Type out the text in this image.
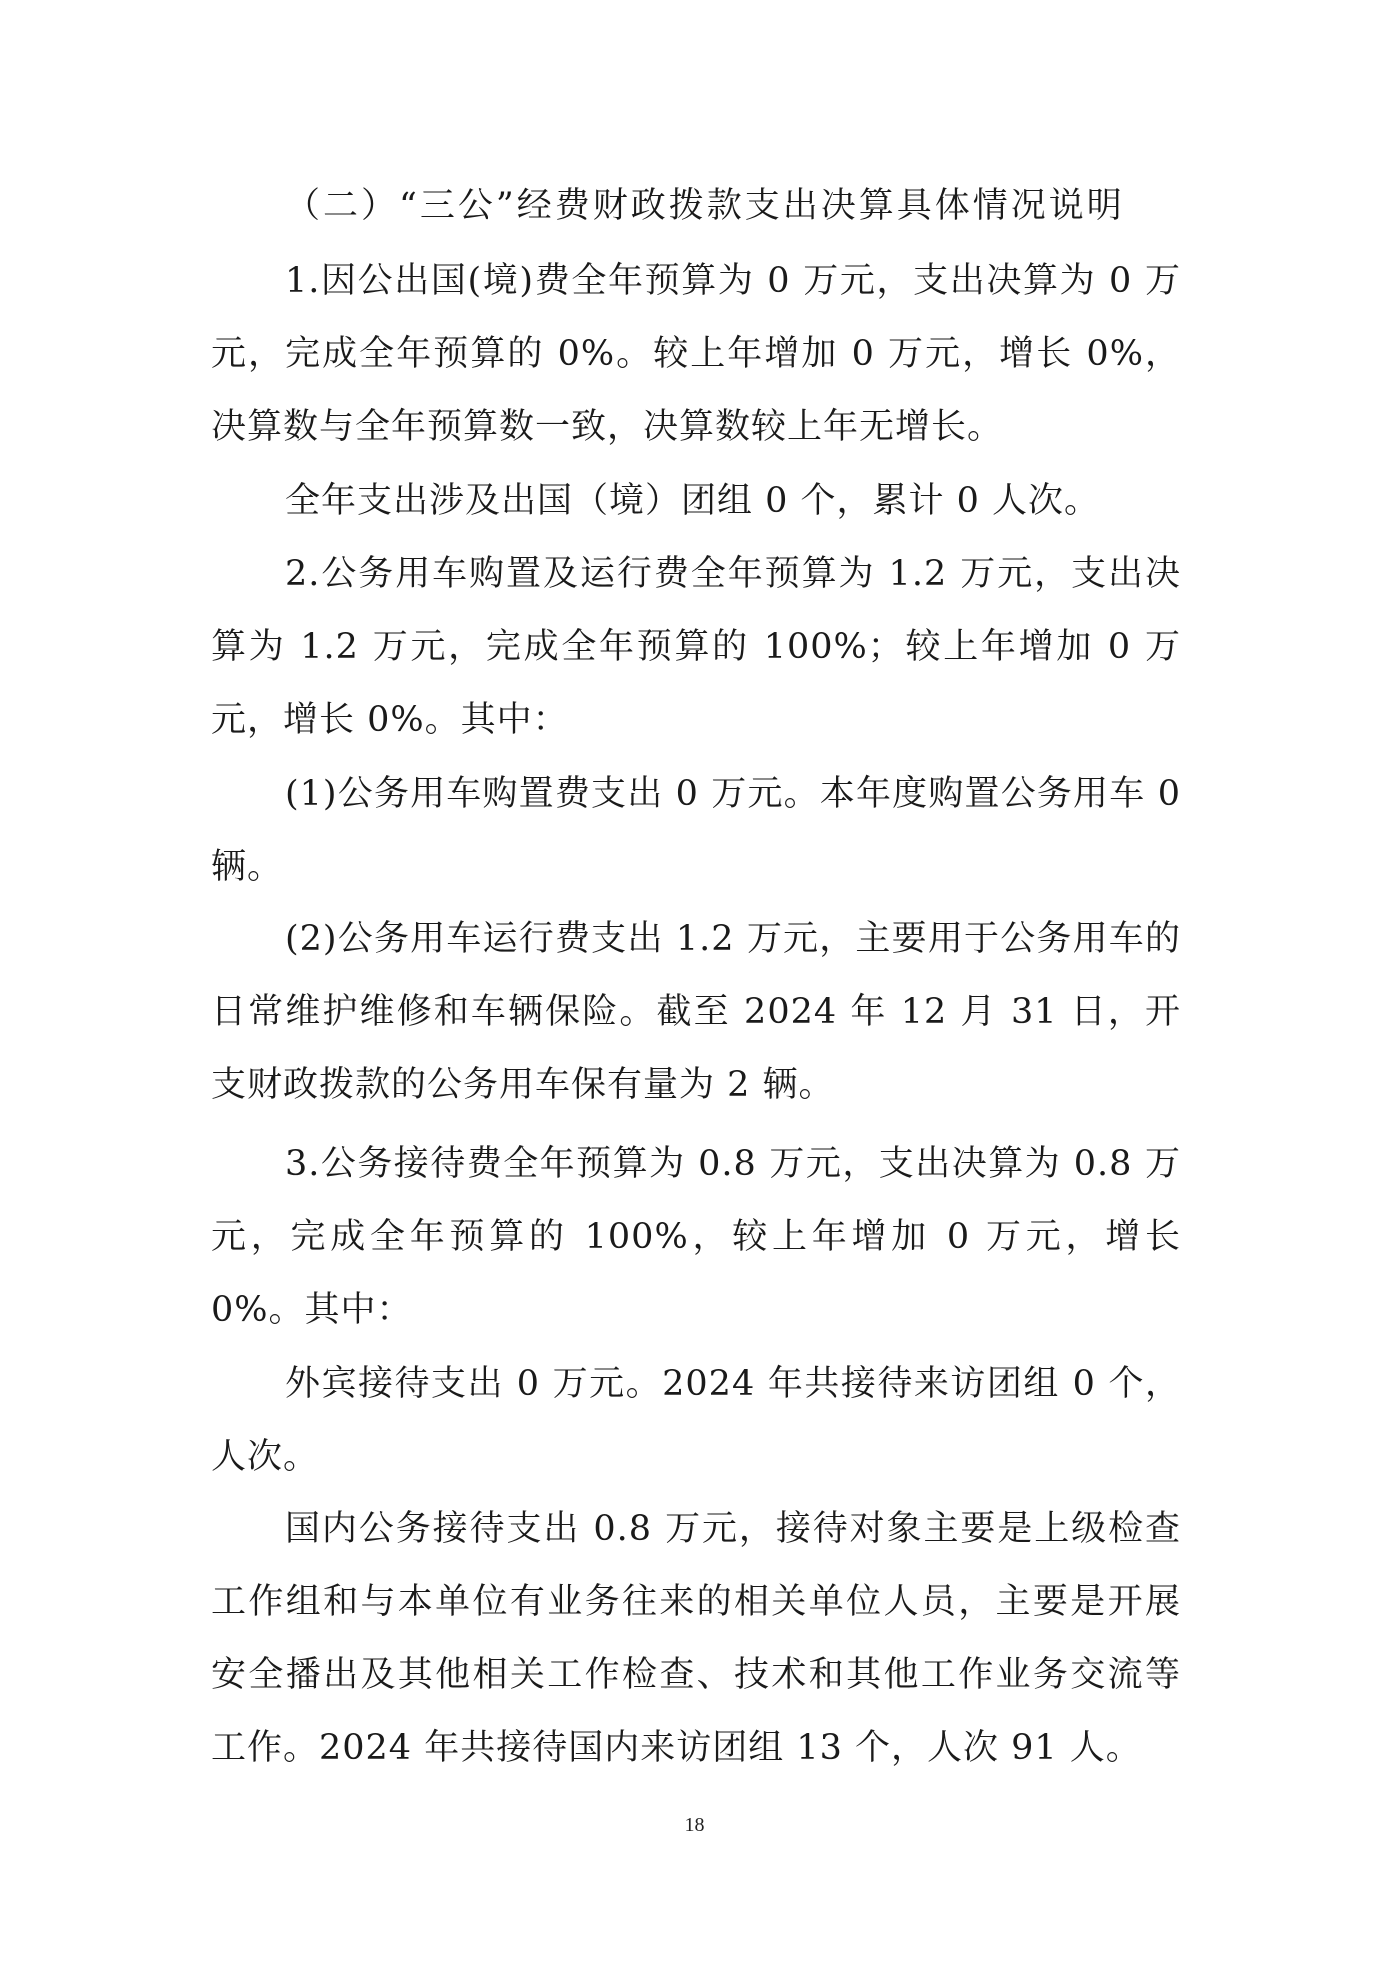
（二）“三公”经费财政拨款支出决算具体情况说明

1.因公出国(境)费全年预算为 0 万元，支出决算为 0 万元，完成全年预算的 0%。较上年增加 0 万元，增长 0%，决算数与全年预算数一致，决算数较上年无增长。

全年支出涉及出国（境）团组 0 个，累计 0 人次。

2.公务用车购置及运行费全年预算为 1.2 万元，支出决算为 1.2 万元，完成全年预算的 100%；较上年增加 0 万元，增长 0%。其中：

(1)公务用车购置费支出 0 万元。本年度购置公务用车 0 辆。

(2)公务用车运行费支出 1.2 万元，主要用于公务用车的日常维护维修和车辆保险。截至 2024 年 12 月 31 日，开支财政拨款的公务用车保有量为 2 辆。

3.公务接待费全年预算为 0.8 万元，支出决算为 0.8 万元，完成全年预算的 100%，较上年增加 0 万元，增长 0%。其中：

外宾接待支出 0 万元。2024 年共接待来访团组 0 个，人次。

国内公务接待支出 0.8 万元，接待对象主要是上级检查工作组和与本单位有业务往来的相关单位人员，主要是开展安全播出及其他相关工作检查、技术和其他工作业务交流等工作。2024 年共接待国内来访团组 13 个，人次 91 人。

18
